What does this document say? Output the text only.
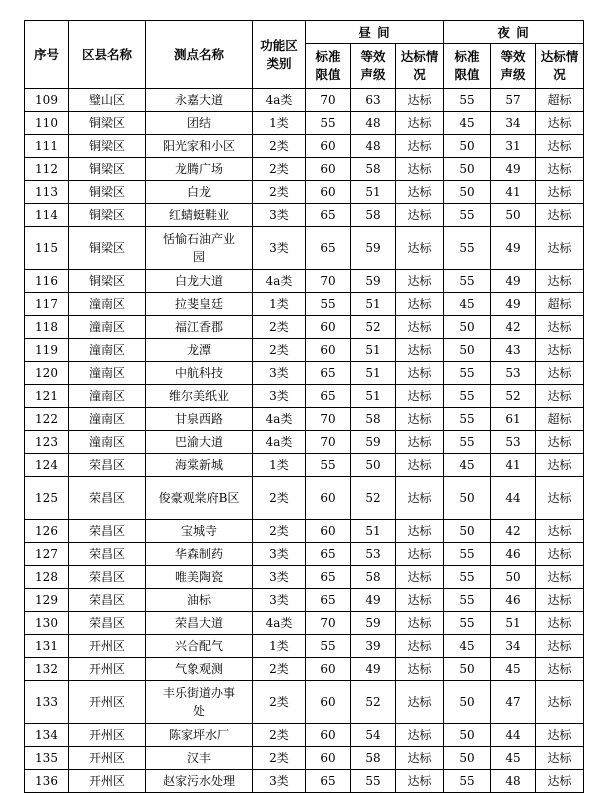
序号	区县名称	测点名称	功能区类别	昼 间			夜 间		
				标准限值	等效声级	达标情况	标准限值	等效声级	达标情况
109	璧山区	永嘉大道	4a类	70	63	达标	55	57	超标
110	铜梁区	团结	1类	55	48	达标	45	34	达标
111	铜梁区	阳光家和小区	2类	60	48	达标	50	31	达标
112	铜梁区	龙腾广场	2类	60	58	达标	50	49	达标
113	铜梁区	白龙	2类	60	51	达标	50	41	达标
114	铜梁区	红蜻蜓鞋业	3类	65	58	达标	55	50	达标
115	铜梁区	恬愉石油产业园	3类	65	59	达标	55	49	达标
116	铜梁区	白龙大道	4a类	70	59	达标	55	49	达标
117	潼南区	拉斐皇廷	1类	55	51	达标	45	49	超标
118	潼南区	福江香郡	2类	60	52	达标	50	42	达标
119	潼南区	龙潭	2类	60	51	达标	50	43	达标
120	潼南区	中航科技	3类	65	51	达标	55	53	达标
121	潼南区	维尔美纸业	3类	65	51	达标	55	52	达标
122	潼南区	甘泉西路	4a类	70	58	达标	55	61	超标
123	潼南区	巴渝大道	4a类	70	59	达标	55	53	达标
124	荣昌区	海棠新城	1类	55	50	达标	45	41	达标
125	荣昌区	俊豪观棠府B区	2类	60	52	达标	50	44	达标
126	荣昌区	宝城寺	2类	60	51	达标	50	42	达标
127	荣昌区	华森制药	3类	65	53	达标	55	46	达标
128	荣昌区	唯美陶瓷	3类	65	58	达标	55	50	达标
129	荣昌区	油标	3类	65	49	达标	55	46	达标
130	荣昌区	荣昌大道	4a类	70	59	达标	55	51	达标
131	开州区	兴合配气	1类	55	39	达标	45	34	达标
132	开州区	气象观测	2类	60	49	达标	50	45	达标
133	开州区	丰乐街道办事处	2类	60	52	达标	50	47	达标
134	开州区	陈家坪水厂	2类	60	54	达标	50	44	达标
135	开州区	汉丰	2类	60	58	达标	50	45	达标
136	开州区	赵家污水处理	3类	65	55	达标	55	48	达标
